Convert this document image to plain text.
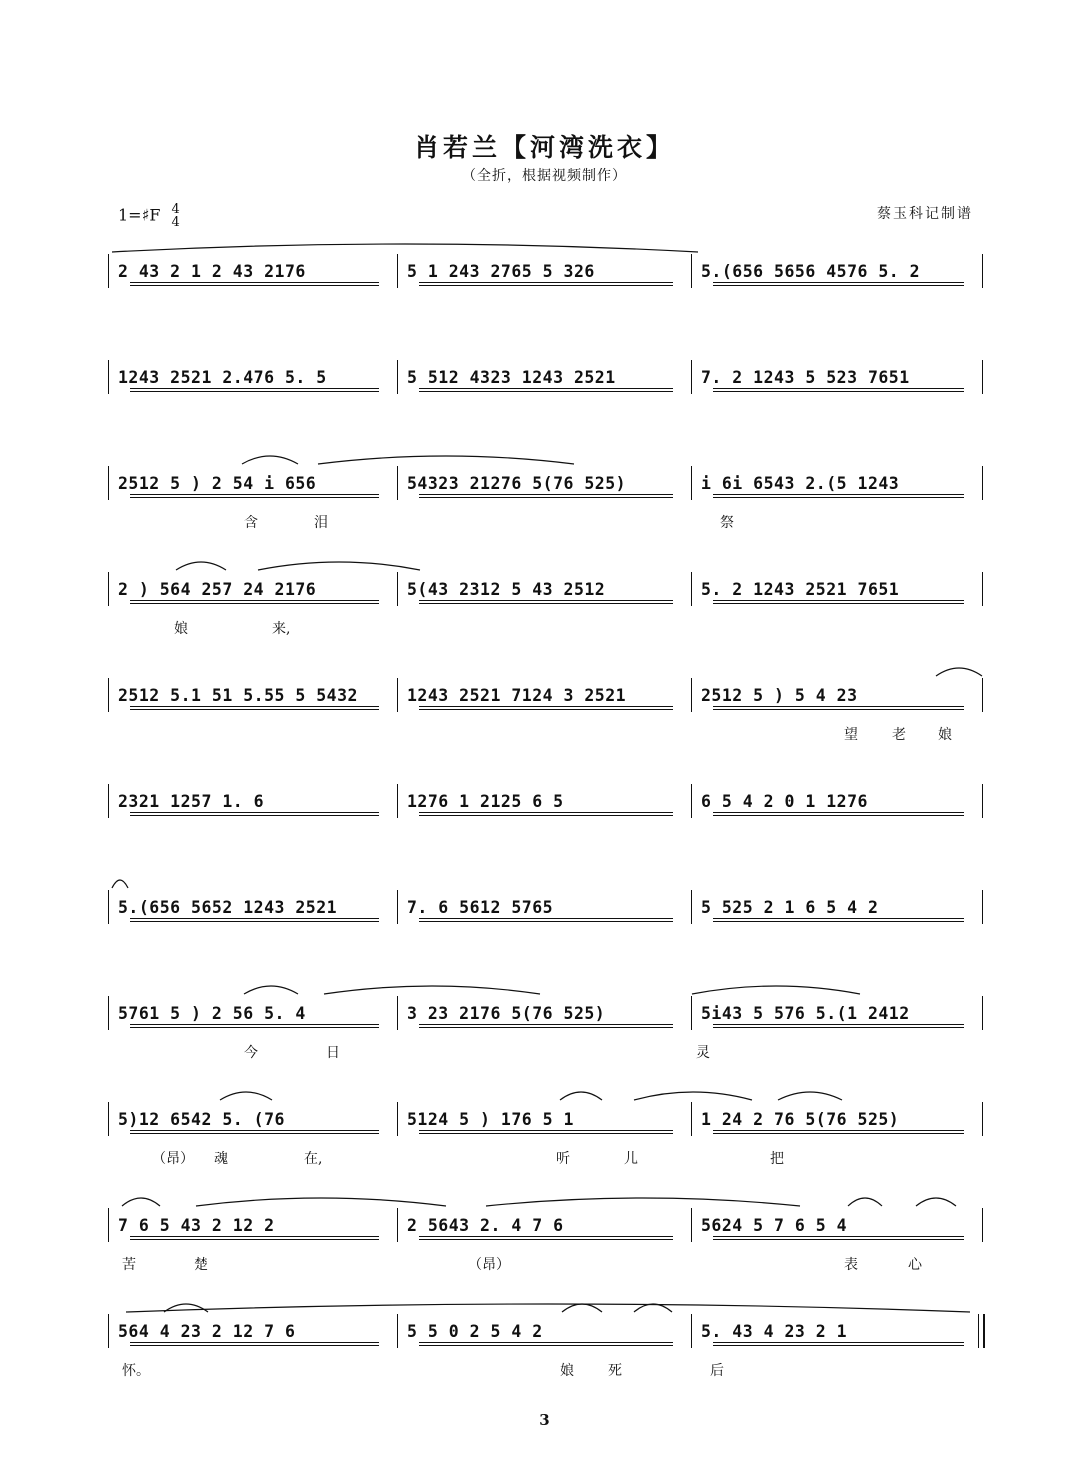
肖若兰【河湾洗衣】
（全折，根据视频制作）
1=♯F 4
4
蔡玉科记制谱
2 43 2 1 2 43 2176	5 1 243 2765 5 326	5.(656 5656 4576 5. 2
1243 2521 2.476 5. 5	5 512 4323 1243 2521	7. 2 1243 5 523 7651
2512 5 ) 2 54 i 656	54323 21276 5(76 525)	i 6i 6543 2.(5 1243
含	泪	祭
2 ) 564 257 24 2176	5(43 2312 5 43 2512	5. 2 1243 2521 7651
娘	来,
2512 5.1 51 5.55 5 5432	1243 2521 7124 3 2521	2512 5 ) 5 4 23
望 老 娘
2321 1257 1. 6	1276 1 2125 6 5	6 5 4 2 0 1 1276
5.(656 5652 1243 2521	7. 6 5612 5765	5 525 2 1 6 5 4 2
5761 5 ) 2 56 5. 4	3 23 2176 5(76 525)	5i43 5 576 5.(1 2412
今	日	灵
5)12 6542 5. (76	5124 5 ) 176 5 1	1 24 2 76 5(76 525)
（昂） 魂	在,	听	儿	把
7 6 5 43 2 12 2	2 5643 2. 4 7 6	5624 5 7 6 5 4
苦	楚	（昂）	表	心
564 4 23 2 12 7 6	5 5 0 2 5 4 2	5. 43 4 23 2 1
怀。	娘 死	后
3
